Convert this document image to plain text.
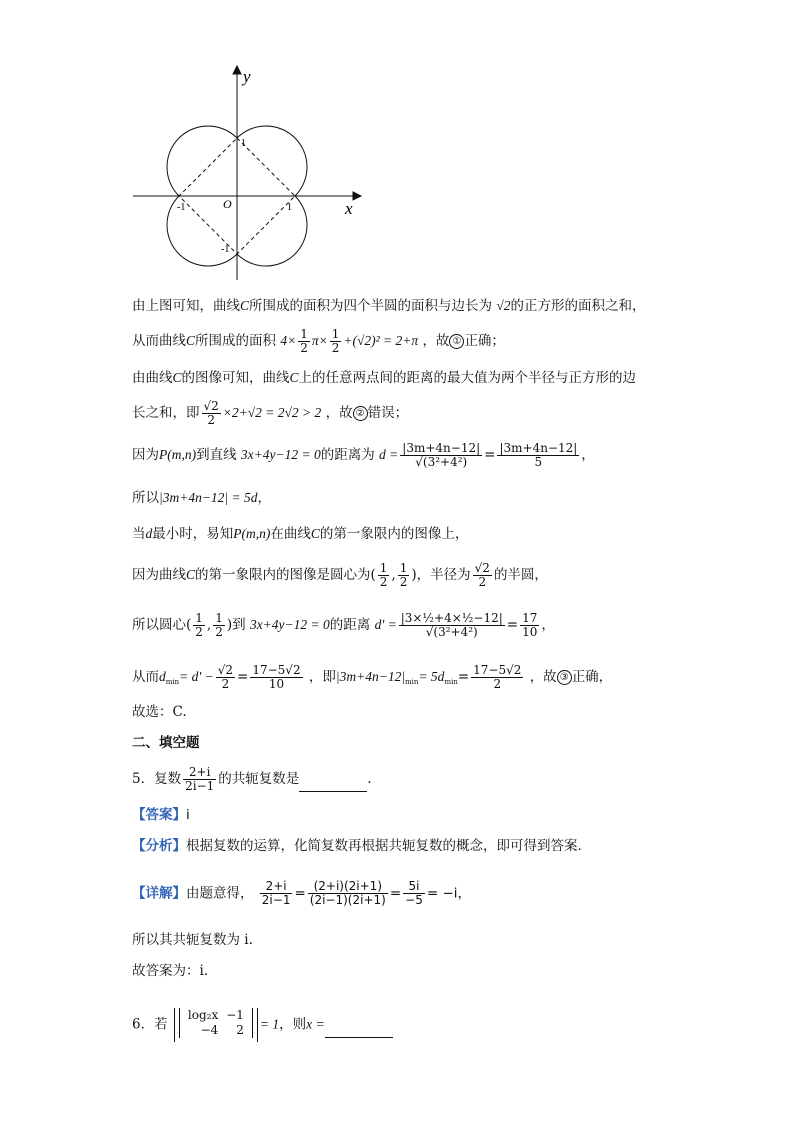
y
x
O	1
-1
1
-1
由上图可知，曲线C所围成的面积为四个半圆的面积与边长为 √2的正方形的面积之和，
从而曲线C所围成的面积 $4\times \frac{1}{2} \pi\times \frac{1}{2} +(√2)^2 = 2+\pi$ ，故 ① 正确；
由曲线C的图像可知，曲线C上的任意两点间的距离的最大值为两个半径与正方形的边
长之和，即 $\frac{√2}{2} \times 2+√2 = 2√2 > 2$ ，故 ② 错误；
因为P(m,n)到直线 3x+4y−12 = 0的距离为 $d = \frac{|3m+4n-12|}{\text{√(3²+4²)}} = \frac{|3m+4n-12|}{5}$ ，
所以|3m+4n−12| = 5d，
当d最小时，易知P(m,n)在曲线C的第一象限内的图像上，
因为曲线C的第一象限内的图像是圆心为( $\frac{1}{2}$ , $\frac{1}{2}$ )，半径为 $\frac{√2}{2}$ 的半圆，
所以圆心( $\frac{1}{2}$ , $\frac{1}{2}$ )到 3x+4y−12 = 0的距离 $d' = \frac{\text{|3×½+4×½−12|}}{\text{√(3²+4²)}} = \frac{17}{10}$ ，
从而$d_{min}= d' - \frac{√2}{2} = \frac{17-5√2}{10}$ ，即$|3m+4n-12|_{min}= 5d_{min}= \frac{17-5√2}{2}$ ，故 ③ 正确，
故选：C.
二、填空题
5．复数 $\frac{2+i}{2i-1}$ 的共轭复数是	.
【答案】i
【分析】根据复数的运算，化简复数再根据共轭复数的概念，即可得到答案.
【详解】由题意得， $\frac{2+i}{2i-1} = \frac{(2+i)(2i+1)}{(2i-1)(2i+1)} = \frac{5i}{-5} = -i$，
所以其共轭复数为 i.
故答案为：i.
6．若
log₂x	−1
−4	2 = 1，则x =
